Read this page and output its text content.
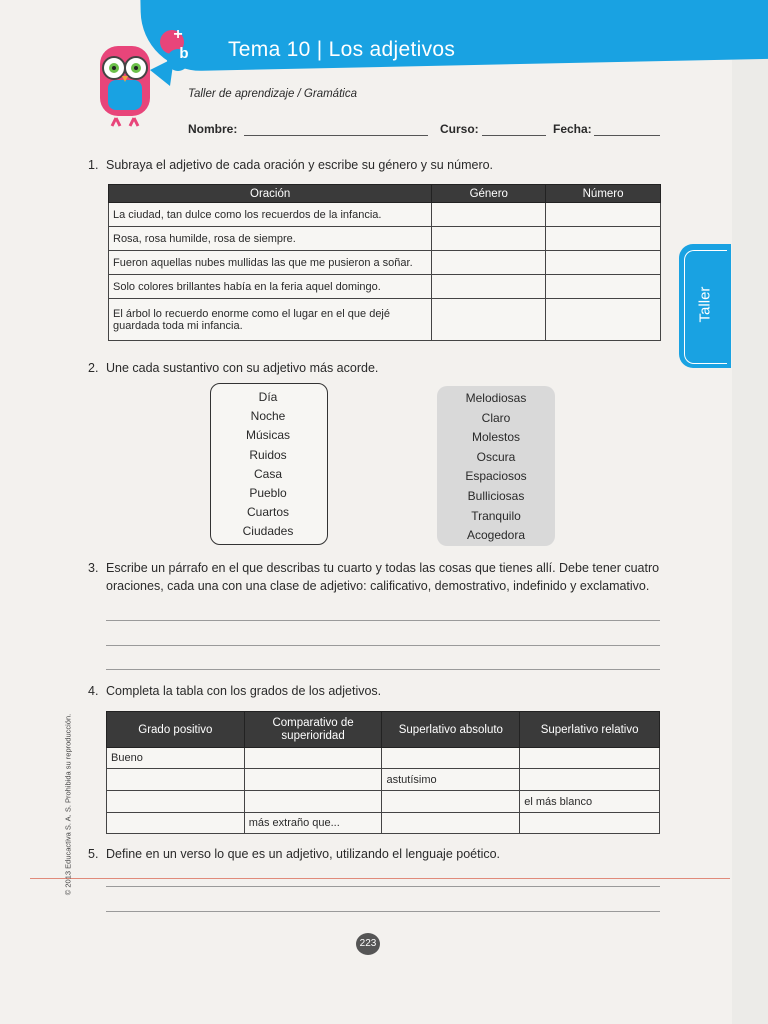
Tema 10 | Los adjetivos
+
b
Taller de aprendizaje / Gramática
Nombre:	Curso:	Fecha:
Taller
1. Subraya el adjetivo de cada oración y escribe su género y su número.
Oración	Género	Número
La ciudad, tan dulce como los recuerdos de la infancia.		
Rosa, rosa humilde, rosa de siempre.		
Fueron aquellas nubes mullidas las que me pusieron a soñar.		
Solo colores brillantes había en la feria aquel domingo.		
El árbol lo recuerdo enorme como el lugar en el que dejé guardada toda mi infancia.		
2. Une cada sustantivo con su adjetivo más acorde.
Día
Noche
Músicas
Ruidos
Casa
Pueblo
Cuartos
Ciudades
Melodiosas
Claro
Molestos
Oscura
Espaciosos
Bulliciosas
Tranquilo
Acogedora
3. Escribe un párrafo en el que describas tu cuarto y todas las cosas que tienes allí. Debe tener cuatro
oraciones, cada una con una clase de adjetivo: calificativo, demostrativo, indefinido y exclamativo.
4. Completa la tabla con los grados de los adjetivos.
Grado positivo	Comparativo de superioridad	Superlativo absoluto	Superlativo relativo
Bueno			
		astutísimo	
			el más blanco
	más extraño que...		
5. Define en un verso lo que es un adjetivo, utilizando el lenguaje poético.
© 2013 Educactiva S. A. S. Prohibida su reproducción.
223
